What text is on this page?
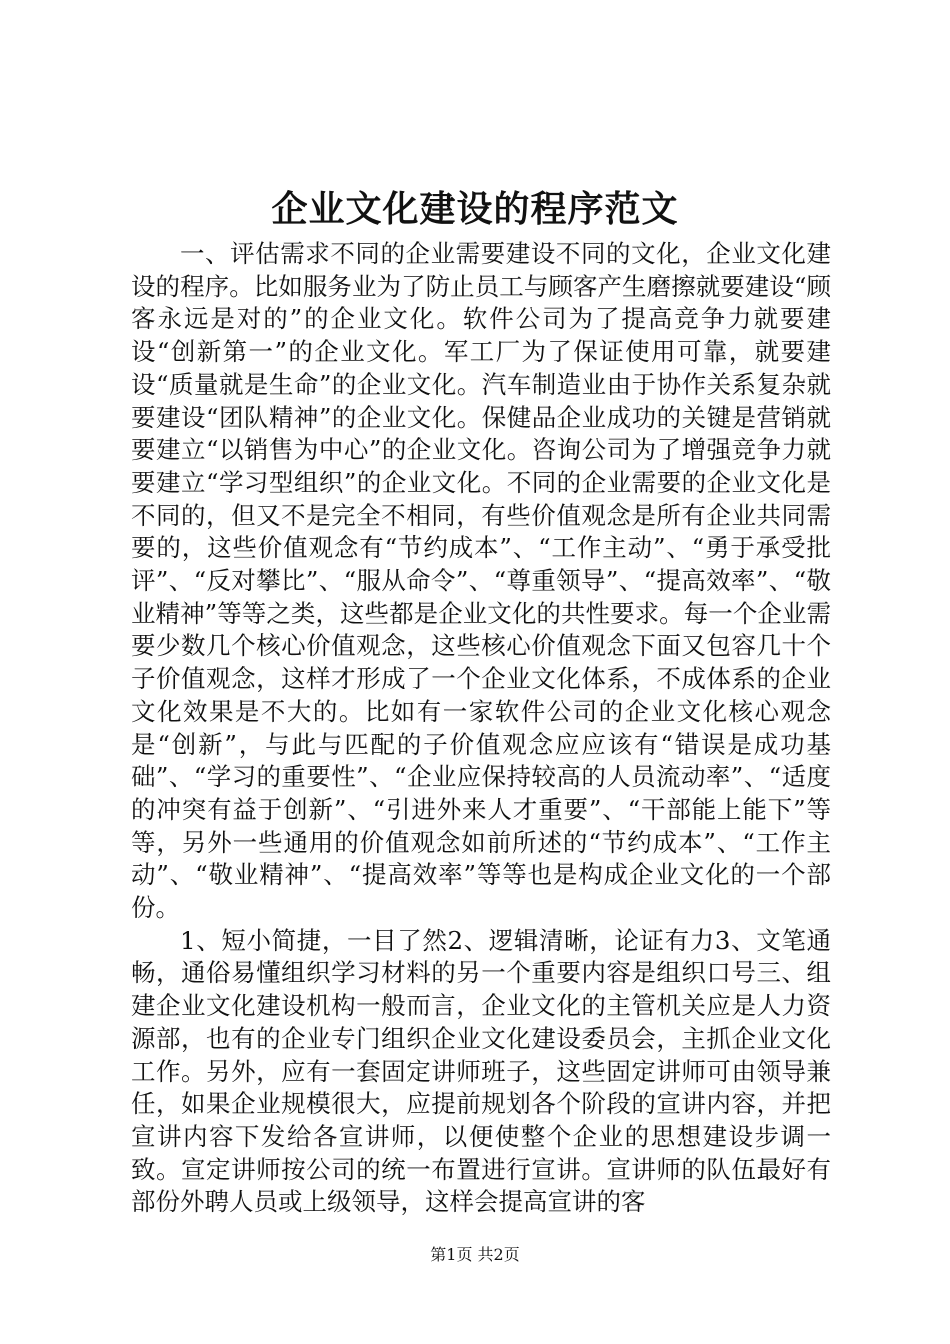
企业文化建设的程序范文

一、评估需求不同的企业需要建设不同的文化，企业文化建设的程序。比如服务业为了防止员工与顾客产生磨擦就要建设“顾客永远是对的”的企业文化。软件公司为了提高竞争力就要建设“创新第一”的企业文化。军工厂为了保证使用可靠，就要建设“质量就是生命”的企业文化。汽车制造业由于协作关系复杂就要建设“团队精神”的企业文化。保健品企业成功的关键是营销就要建立“以销售为中心”的企业文化。咨询公司为了增强竞争力就要建立“学习型组织”的企业文化。不同的企业需要的企业文化是不同的，但又不是完全不相同，有些价值观念是所有企业共同需要的，这些价值观念有“节约成本”、“工作主动”、“勇于承受批评”、“反对攀比”、“服从命令”、“尊重领导”、“提高效率”、“敬业精神”等等之类，这些都是企业文化的共性要求。每一个企业需要少数几个核心价值观念，这些核心价值观念下面又包容几十个子价值观念，这样才形成了一个企业文化体系，不成体系的企业文化效果是不大的。比如有一家软件公司的企业文化核心观念是“创新”，与此与匹配的子价值观念应应该有“错误是成功基础”、“学习的重要性”、“企业应保持较高的人员流动率”、“适度的冲突有益于创新”、“引进外来人才重要”、“干部能上能下”等等，另外一些通用的价值观念如前所述的“节约成本”、“工作主动”、“敬业精神”、“提高效率”等等也是构成企业文化的一个部份。

1、短小简捷，一目了然2、逻辑清晰，论证有力3、文笔通畅，通俗易懂组织学习材料的另一个重要内容是组织口号三、组建企业文化建设机构一般而言，企业文化的主管机关应是人力资源部，也有的企业专门组织企业文化建设委员会，主抓企业文化工作。另外，应有一套固定讲师班子，这些固定讲师可由领导兼任，如果企业规模很大，应提前规划各个阶段的宣讲内容，并把宣讲内容下发给各宣讲师，以便使整个企业的思想建设步调一致。宣定讲师按公司的统一布置进行宣讲。宣讲师的队伍最好有部份外聘人员或上级领导，这样会提高宣讲的客

第1页 共2页
